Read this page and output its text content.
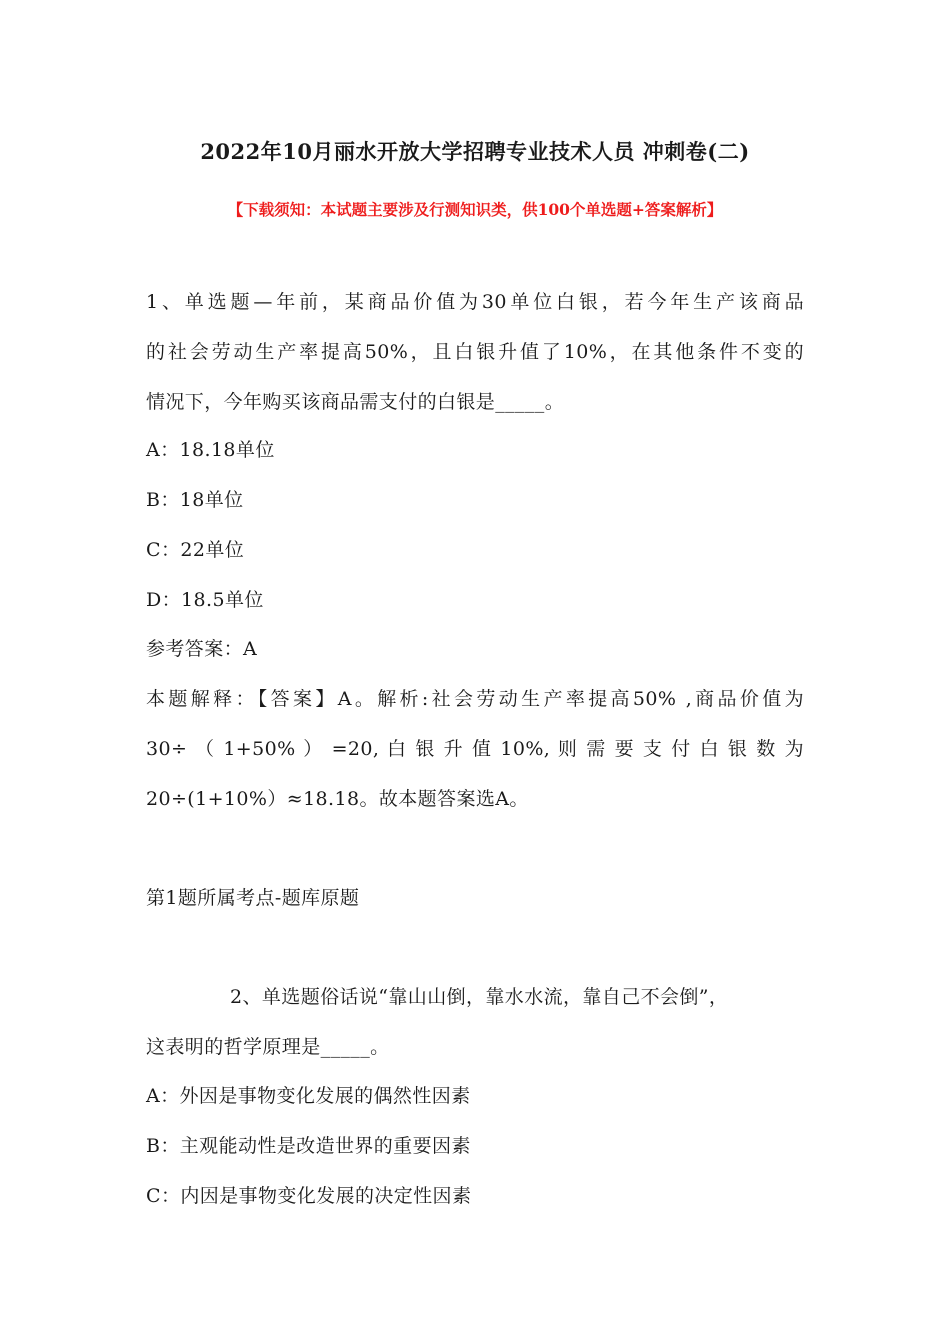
2022年10月丽水开放大学招聘专业技术人员 冲刺卷(二)
【下载须知：本试题主要涉及行测知识类，供100个单选题+答案解析】
1、单选题—年前，某商品价值为30单位白银，若今年生产该商品
的社会劳动生产率提高50%，且白银升值了10%，在其他条件不变的
情况下，今年购买该商品需支付的白银是_____。
A：18.18单位
B：18单位
C：22单位
D：18.5单位
参考答案：A
本题解释：【答案】A。解析:社会劳动生产率提高50% ,商品价值为
30÷ （ 1+50% ） =20, 白 银 升 值 10%, 则 需 要 支 付 白 银 数 为
20÷(1+10%）≈18.18。故本题答案选A。
第1题所属考点-题库原题
2、单选题俗话说“靠山山倒，靠水水流，靠自己不会倒”，
这表明的哲学原理是_____。
A：外因是事物变化发展的偶然性因素
B：主观能动性是改造世界的重要因素
C：内因是事物变化发展的决定性因素
